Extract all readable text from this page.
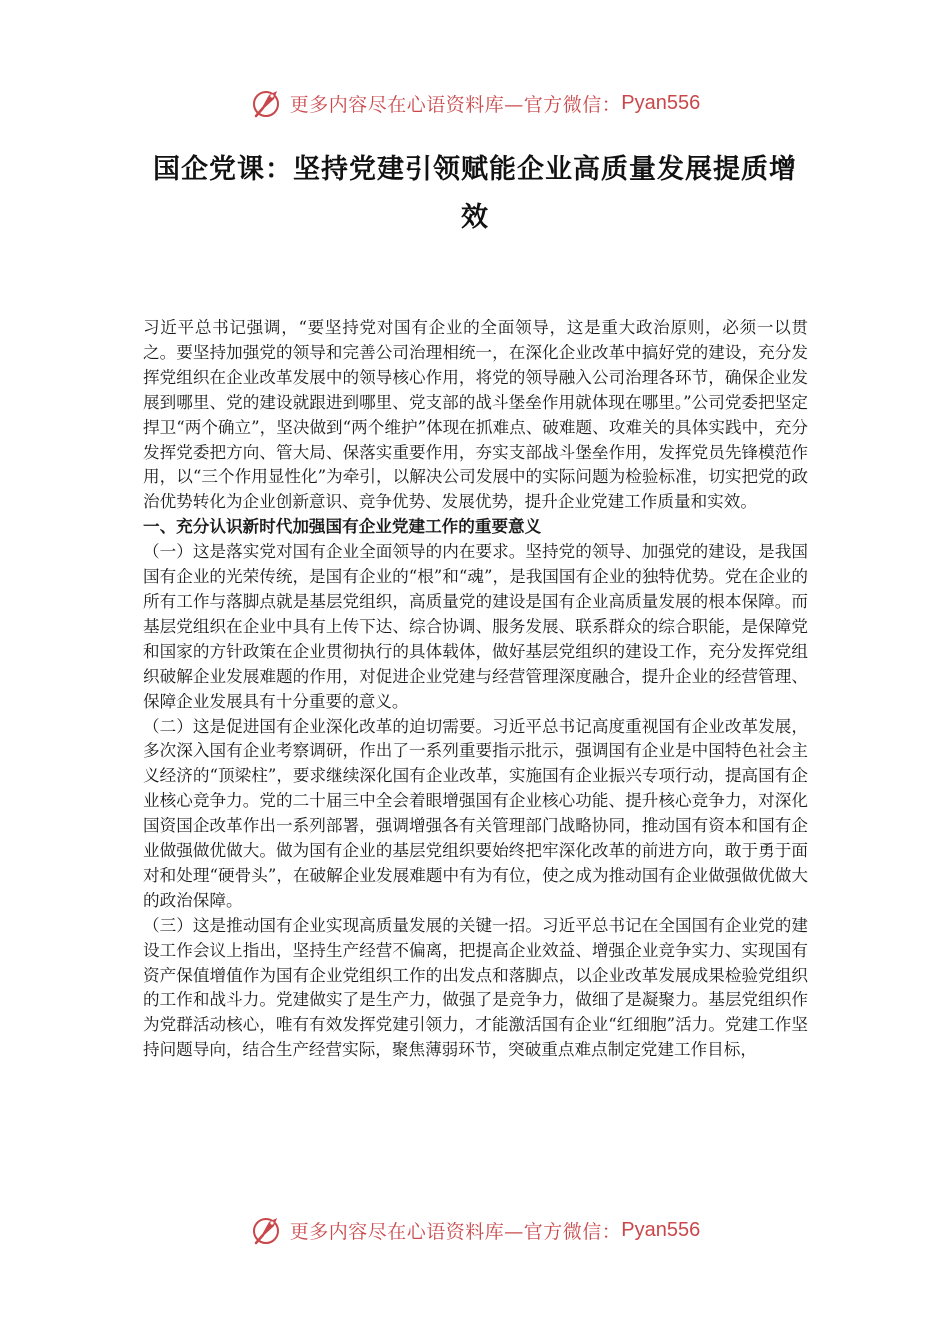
更多内容尽在心语资料库—官方微信： Pyan556
国企党课：坚持党建引领赋能企业高质量发展提质增效

习近平总书记强调，“要坚持党对国有企业的全面领导，这是重大政治原则，必须一以贯之。要坚持加强党的领导和完善公司治理相统一，在深化企业改革中搞好党的建设，充分发挥党组织在企业改革发展中的领导核心作用，将党的领导融入公司治理各环节，确保企业发展到哪里、党的建设就跟进到哪里、党支部的战斗堡垒作用就体现在哪里。”公司党委把坚定捍卫“两个确立”，坚决做到“两个维护”体现在抓难点、破难题、攻难关的具体实践中，充分发挥党委把方向、管大局、保落实重要作用，夯实支部战斗堡垒作用，发挥党员先锋模范作用，以“三个作用显性化”为牵引，以解决公司发展中的实际问题为检验标准，切实把党的政治优势转化为企业创新意识、竞争优势、发展优势，提升企业党建工作质量和实效。

一、充分认识新时代加强国有企业党建工作的重要意义

（一）这是落实党对国有企业全面领导的内在要求。坚持党的领导、加强党的建设，是我国国有企业的光荣传统，是国有企业的“根”和“魂”，是我国国有企业的独特优势。党在企业的所有工作与落脚点就是基层党组织，高质量党的建设是国有企业高质量发展的根本保障。而基层党组织在企业中具有上传下达、综合协调、服务发展、联系群众的综合职能，是保障党和国家的方针政策在企业贯彻执行的具体载体，做好基层党组织的建设工作，充分发挥党组织破解企业发展难题的作用，对促进企业党建与经营管理深度融合，提升企业的经营管理、保障企业发展具有十分重要的意义。

（二）这是促进国有企业深化改革的迫切需要。习近平总书记高度重视国有企业改革发展，多次深入国有企业考察调研，作出了一系列重要指示批示，强调国有企业是中国特色社会主义经济的“顶梁柱”，要求继续深化国有企业改革，实施国有企业振兴专项行动，提高国有企业核心竞争力。党的二十届三中全会着眼增强国有企业核心功能、提升核心竞争力，对深化国资国企改革作出一系列部署，强调增强各有关管理部门战略协同，推动国有资本和国有企业做强做优做大。做为国有企业的基层党组织要始终把牢深化改革的前进方向，敢于勇于面对和处理“硬骨头”，在破解企业发展难题中有为有位，使之成为推动国有企业做强做优做大的政治保障。

（三）这是推动国有企业实现高质量发展的关键一招。习近平总书记在全国国有企业党的建设工作会议上指出，坚持生产经营不偏离，把提高企业效益、增强企业竞争实力、实现国有资产保值增值作为国有企业党组织工作的出发点和落脚点，以企业改革发展成果检验党组织的工作和战斗力。党建做实了是生产力，做强了是竞争力，做细了是凝聚力。基层党组织作为党群活动核心，唯有有效发挥党建引领力，才能激活国有企业“红细胞”活力。党建工作坚持问题导向，结合生产经营实际，聚焦薄弱环节，突破重点难点制定党建工作目标，

更多内容尽在心语资料库—官方微信： Pyan556
